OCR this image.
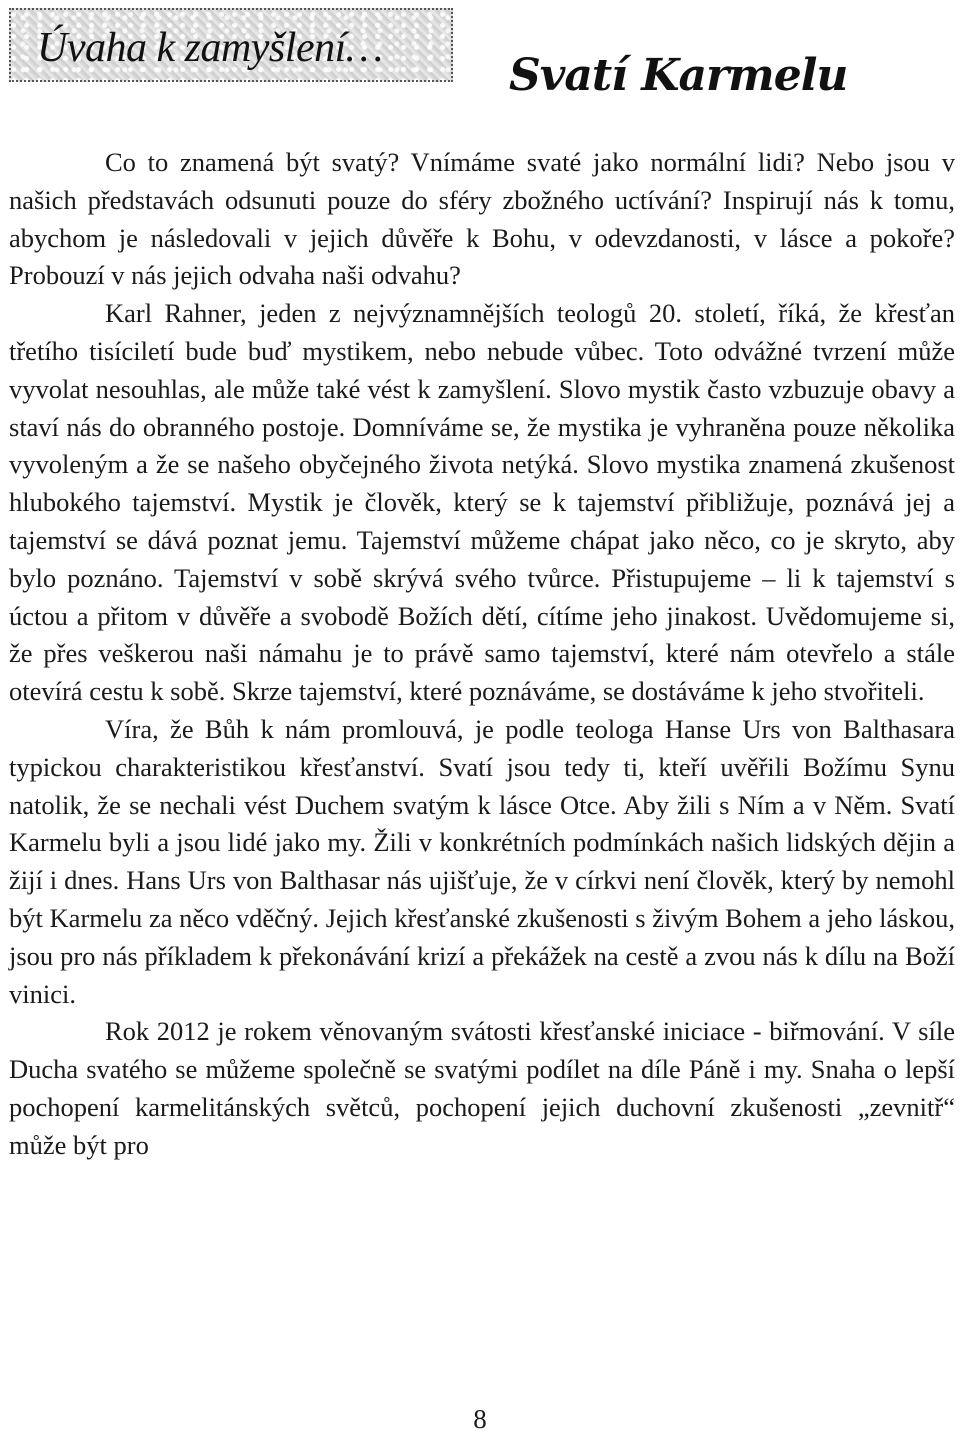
Úvaha k zamyšlení…
Svatí Karmelu

Co to znamená být svatý? Vnímáme svaté jako normální lidi? Nebo jsou v našich představách odsunuti pouze do sféry zbožného uctívání? Inspirují nás k tomu, abychom je následovali v jejich důvěře k Bohu, v odevzdanosti, v lásce a pokoře? Probouzí v nás jejich odvaha naši odvahu?

Karl Rahner, jeden z nejvýznamnějších teologů 20. století, říká, že křesťan třetího tisíciletí bude buď mystikem, nebo nebude vůbec. Toto odvážné tvrzení může vyvolat nesouhlas, ale může také vést k zamyšlení. Slovo mystik často vzbuzuje obavy a staví nás do obranného postoje. Domníváme se, že mystika je vyhraněna pouze několika vyvoleným a že se našeho obyčejného života netýká. Slovo mystika znamená zkušenost hlubokého tajemství. Mystik je člověk, který se k tajemství přibližuje, poznává jej a tajemství se dává poznat jemu. Tajemství můžeme chápat jako něco, co je skryto, aby bylo poznáno. Tajemství v sobě skrývá svého tvůrce. Přistupujeme – li k tajemství s úctou a přitom v důvěře a svobodě Božích dětí, cítíme jeho jinakost. Uvědomujeme si, že přes veškerou naši námahu je to právě samo tajemství, které nám otevřelo a stále otevírá cestu k sobě. Skrze tajemství, které poznáváme, se dostáváme k jeho stvořiteli.

Víra, že Bůh k nám promlouvá, je podle teologa Hanse Urs von Balthasara typickou charakteristikou křesťanství. Svatí jsou tedy ti, kteří uvěřili Božímu Synu natolik, že se nechali vést Duchem svatým k lásce Otce. Aby žili s Ním a v Něm. Svatí Karmelu byli a jsou lidé jako my. Žili v konkrétních podmínkách našich lidských dějin a žijí i dnes. Hans Urs von Balthasar nás ujišťuje, že v církvi není člověk, který by nemohl být Karmelu za něco vděčný. Jejich křesťanské zkušenosti s živým Bohem a jeho láskou, jsou pro nás příkladem k překonávání krizí a překážek na cestě a zvou nás k dílu na Boží vinici.

Rok 2012 je rokem věnovaným svátosti křesťanské iniciace - biřmování. V síle Ducha svatého se můžeme společně se svatými podílet na díle Páně i my. Snaha o lepší pochopení karmelitánských světců, pochopení jejich duchovní zkušenosti „zevnitř“ může být pro

8
